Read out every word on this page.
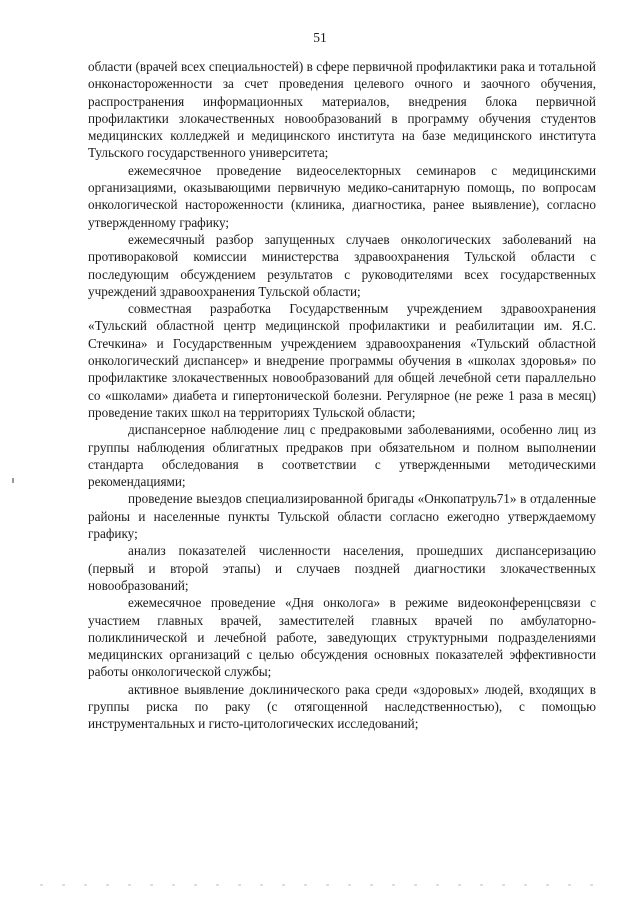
51

области (врачей всех специальностей) в сфере первичной профилактики рака и тотальной онконастороженности за счет проведения целевого очного и заочного обучения, распространения информационных материалов, внедрения блока первичной профилактики злокачественных новообразований в программу обучения студентов медицинских колледжей и медицинского института на базе медицинского института Тульского государственного университета;

ежемесячное проведение видеоселекторных семинаров с медицинскими организациями, оказывающими первичную медико-санитарную помощь, по вопросам онкологической настороженности (клиника, диагностика, ранее выявление), согласно утвержденному графику;

ежемесячный разбор запущенных случаев онкологических заболеваний на противораковой комиссии министерства здравоохранения Тульской области с последующим обсуждением результатов с руководителями всех государственных учреждений здравоохранения Тульской области;

совместная разработка Государственным учреждением здравоохранения «Тульский областной центр медицинской профилактики и реабилитации им. Я.С. Стечкина» и Государственным учреждением здравоохранения «Тульский областной онкологический диспансер» и внедрение программы обучения в «школах здоровья» по профилактике злокачественных новообразований для общей лечебной сети параллельно со «школами» диабета и гипертонической болезни. Регулярное (не реже 1 раза в месяц) проведение таких школ на территориях Тульской области;

диспансерное наблюдение лиц с предраковыми заболеваниями, особенно лиц из группы наблюдения облигатных предраков при обязательном и полном выполнении стандарта обследования в соответствии с утвержденными методическими рекомендациями;

проведение выездов специализированной бригады «Онкопатруль71» в отдаленные районы и населенные пункты Тульской области согласно ежегодно утверждаемому графику;

анализ показателей численности населения, прошедших диспансеризацию (первый и второй этапы) и случаев поздней диагностики злокачественных новообразований;

ежемесячное проведение «Дня онколога» в режиме видеоконференцсвязи с участием главных врачей, заместителей главных врачей по амбулаторно-поликлинической и лечебной работе, заведующих структурными подразделениями медицинских организаций с целью обсуждения основных показателей эффективности работы онкологической службы;

активное выявление доклинического рака среди «здоровых» людей, входящих в группы риска по раку (с отягощенной наследственностью), с помощью инструментальных и гисто-цитологических исследований;
